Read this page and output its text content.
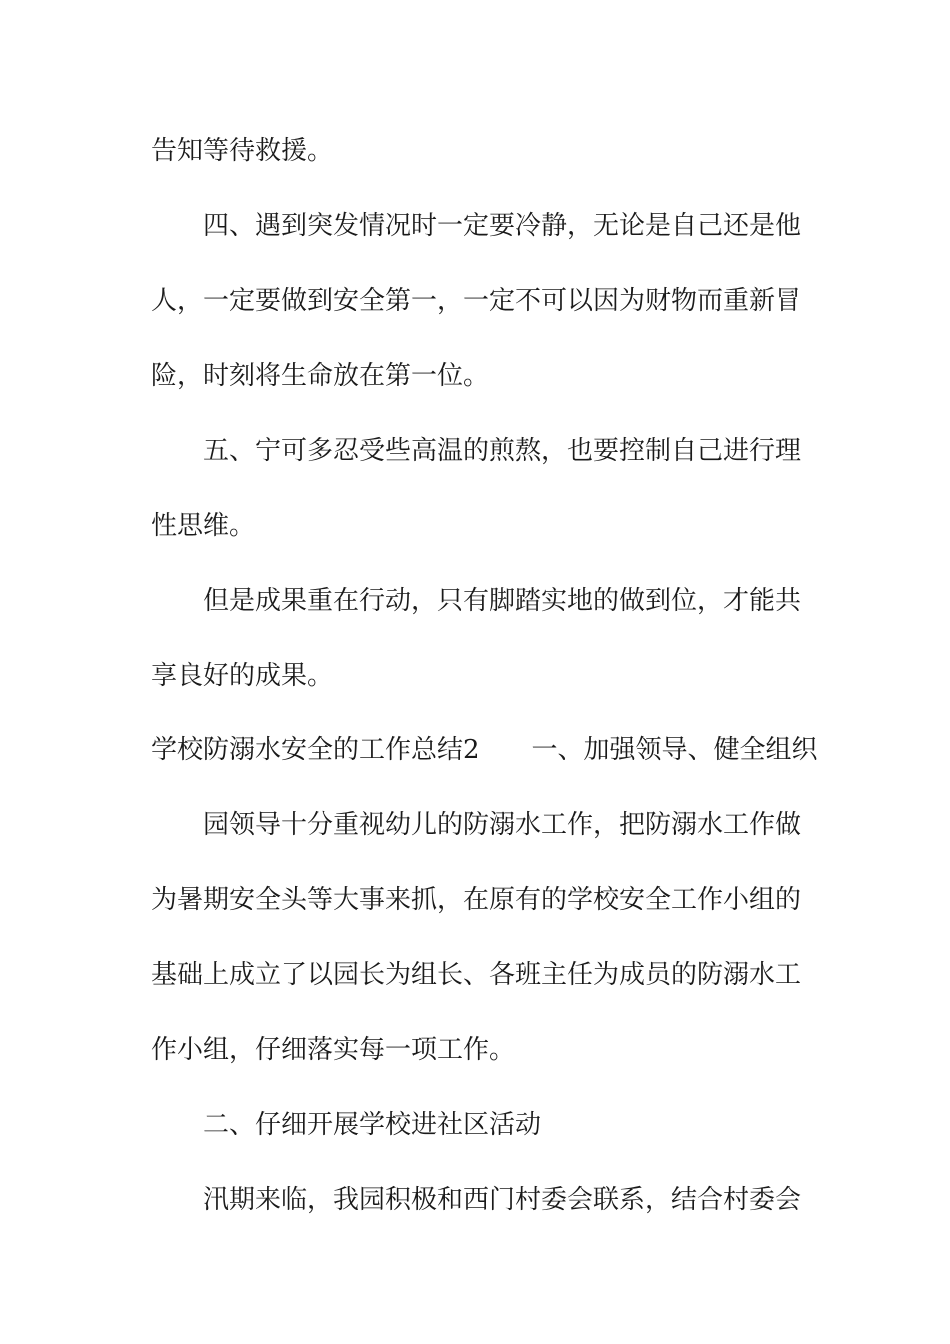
告知等待救援。
四、遇到突发情况时一定要冷静，无论是自己还是他
人，一定要做到安全第一，一定不可以因为财物而重新冒
险，时刻将生命放在第一位。
五、宁可多忍受些高温的煎熬，也要控制自己进行理
性思维。
但是成果重在行动，只有脚踏实地的做到位，才能共
享良好的成果。
学校防溺水安全的工作总结2　　一、加强领导、健全组织
园领导十分重视幼儿的防溺水工作，把防溺水工作做
为暑期安全头等大事来抓，在原有的学校安全工作小组的
基础上成立了以园长为组长、各班主任为成员的防溺水工
作小组，仔细落实每一项工作。
二、仔细开展学校进社区活动
汛期来临，我园积极和西门村委会联系，结合村委会
